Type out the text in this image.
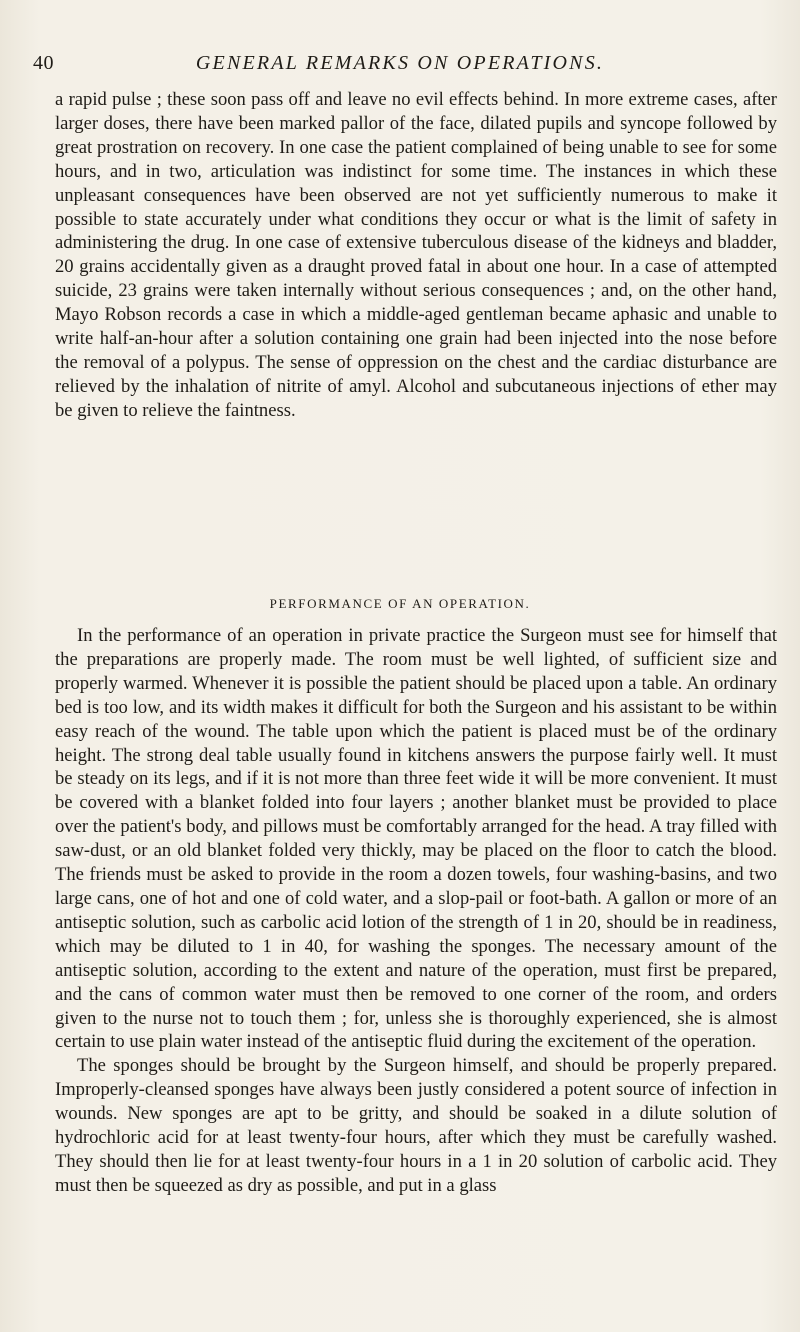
40	GENERAL REMARKS ON OPERATIONS.

a rapid pulse ; these soon pass off and leave no evil effects behind. In more extreme cases, after larger doses, there have been marked pallor of the face, dilated pupils and syncope followed by great prostration on recovery. In one case the patient complained of being unable to see for some hours, and in two, articulation was indistinct for some time. The instances in which these unpleasant consequences have been observed are not yet sufficiently numerous to make it possible to state accurately under what conditions they occur or what is the limit of safety in administering the drug. In one case of extensive tuberculous disease of the kidneys and bladder, 20 grains accidentally given as a draught proved fatal in about one hour. In a case of attempted suicide, 23 grains were taken internally without serious consequences ; and, on the other hand, Mayo Robson records a case in which a middle-aged gentleman became aphasic and unable to write half-an-hour after a solution containing one grain had been injected into the nose before the removal of a polypus. The sense of oppression on the chest and the cardiac disturbance are relieved by the inhalation of nitrite of amyl. Alcohol and subcutaneous injections of ether may be given to relieve the faintness.

PERFORMANCE OF AN OPERATION.

In the performance of an operation in private practice the Surgeon must see for himself that the preparations are properly made. The room must be well lighted, of sufficient size and properly warmed. Whenever it is possible the patient should be placed upon a table. An ordinary bed is too low, and its width makes it difficult for both the Surgeon and his assistant to be within easy reach of the wound. The table upon which the patient is placed must be of the ordinary height. The strong deal table usually found in kitchens answers the purpose fairly well. It must be steady on its legs, and if it is not more than three feet wide it will be more convenient. It must be covered with a blanket folded into four layers ; another blanket must be provided to place over the patient's body, and pillows must be comfortably arranged for the head. A tray filled with saw-dust, or an old blanket folded very thickly, may be placed on the floor to catch the blood. The friends must be asked to provide in the room a dozen towels, four washing-basins, and two large cans, one of hot and one of cold water, and a slop-pail or foot-bath. A gallon or more of an antiseptic solution, such as carbolic acid lotion of the strength of 1 in 20, should be in readiness, which may be diluted to 1 in 40, for washing the sponges. The necessary amount of the antiseptic solution, according to the extent and nature of the operation, must first be prepared, and the cans of common water must then be removed to one corner of the room, and orders given to the nurse not to touch them ; for, unless she is thoroughly experienced, she is almost certain to use plain water instead of the antiseptic fluid during the excitement of the operation.

The sponges should be brought by the Surgeon himself, and should be properly prepared. Improperly-cleansed sponges have always been justly considered a potent source of infection in wounds. New sponges are apt to be gritty, and should be soaked in a dilute solution of hydrochloric acid for at least twenty-four hours, after which they must be carefully washed. They should then lie for at least twenty-four hours in a 1 in 20 solution of carbolic acid. They must then be squeezed as dry as possible, and put in a glass
